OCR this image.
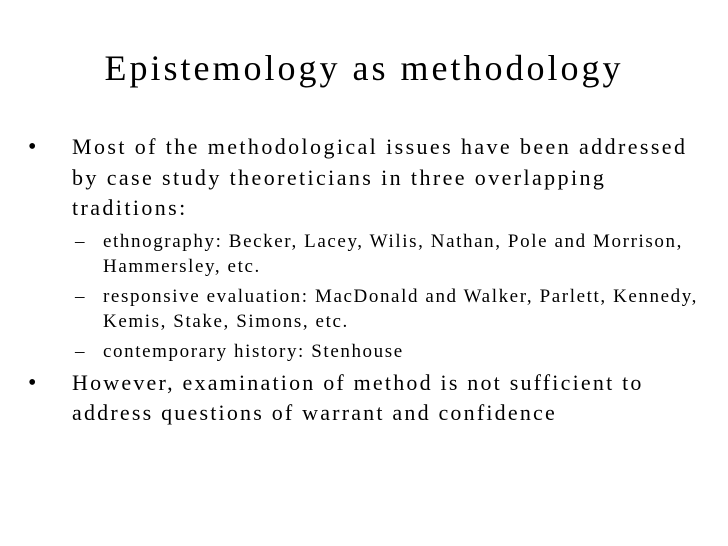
Epistemology as methodology
•	Most of the methodological issues have been addressed by case study theoreticians in three overlapping traditions:
– ethnography: Becker, Lacey, Wilis, Nathan, Pole and Morrison, Hammersley, etc.
– responsive evaluation: MacDonald and Walker, Parlett, Kennedy, Kemis, Stake, Simons, etc.
– contemporary history: Stenhouse
•	However, examination of method is not sufficient to address questions of warrant and confidence
